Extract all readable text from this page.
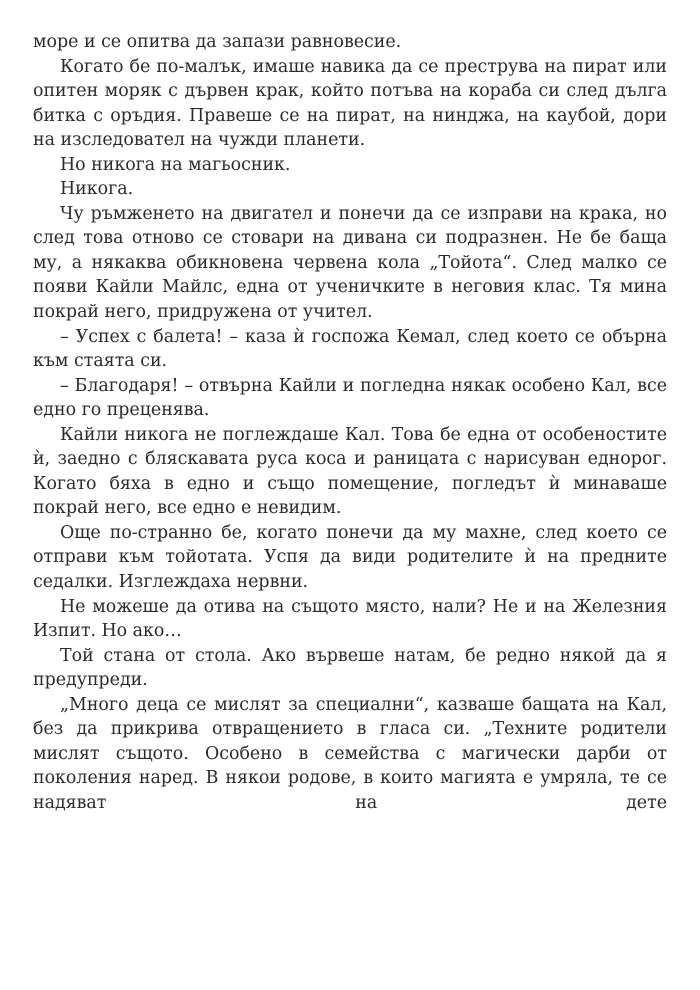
море и се опитва да запази равновесие.

Когато бе по-малък, имаше навика да се преструва на пират или опитен моряк с дървен крак, който потъва на кораба си след дълга битка с оръдия. Правеше се на пират, на нинджа, на каубой, дори на изследовател на чужди планети.

Но никога на магьосник.

Никога.

Чу ръмженето на двигател и понечи да се изправи на крака, но след това отново се стовари на дивана си подразнен. Не бе баща му, а някаква обикновена червена кола „Тойота“. След малко се появи Кайли Майлс, една от ученичките в неговия клас. Тя мина покрай него, придружена от учител.

– Успех с балета! – каза ѝ госпожа Кемал, след което се обърна към стаята си.

– Благодаря! – отвърна Кайли и погледна някак особено Кал, все едно го преценява.

Кайли никога не поглеждаше Кал. Това бе една от особеностите ѝ, заедно с бляскавата руса коса и раницата с нарисуван еднорог. Когато бяха в едно и също помещение, погледът ѝ минаваше покрай него, все едно е невидим.

Още по-странно бе, когато понечи да му махне, след което се отправи към тойотата. Успя да види родителите ѝ на предните седалки. Изглеждаха нервни.

Не можеше да отива на същото място, нали? Не и на Железния Изпит. Но ако…

Той стана от стола. Ако вървеше натам, бе редно някой да я предупреди.

„Много деца се мислят за специални“, казваше бащата на Кал, без да прикрива отвращението в гласа си. „Техните родители мислят същото. Особено в семейства с магически дарби от поколения наред. В някои родове, в които магията е умряла, те се надяват на дете
